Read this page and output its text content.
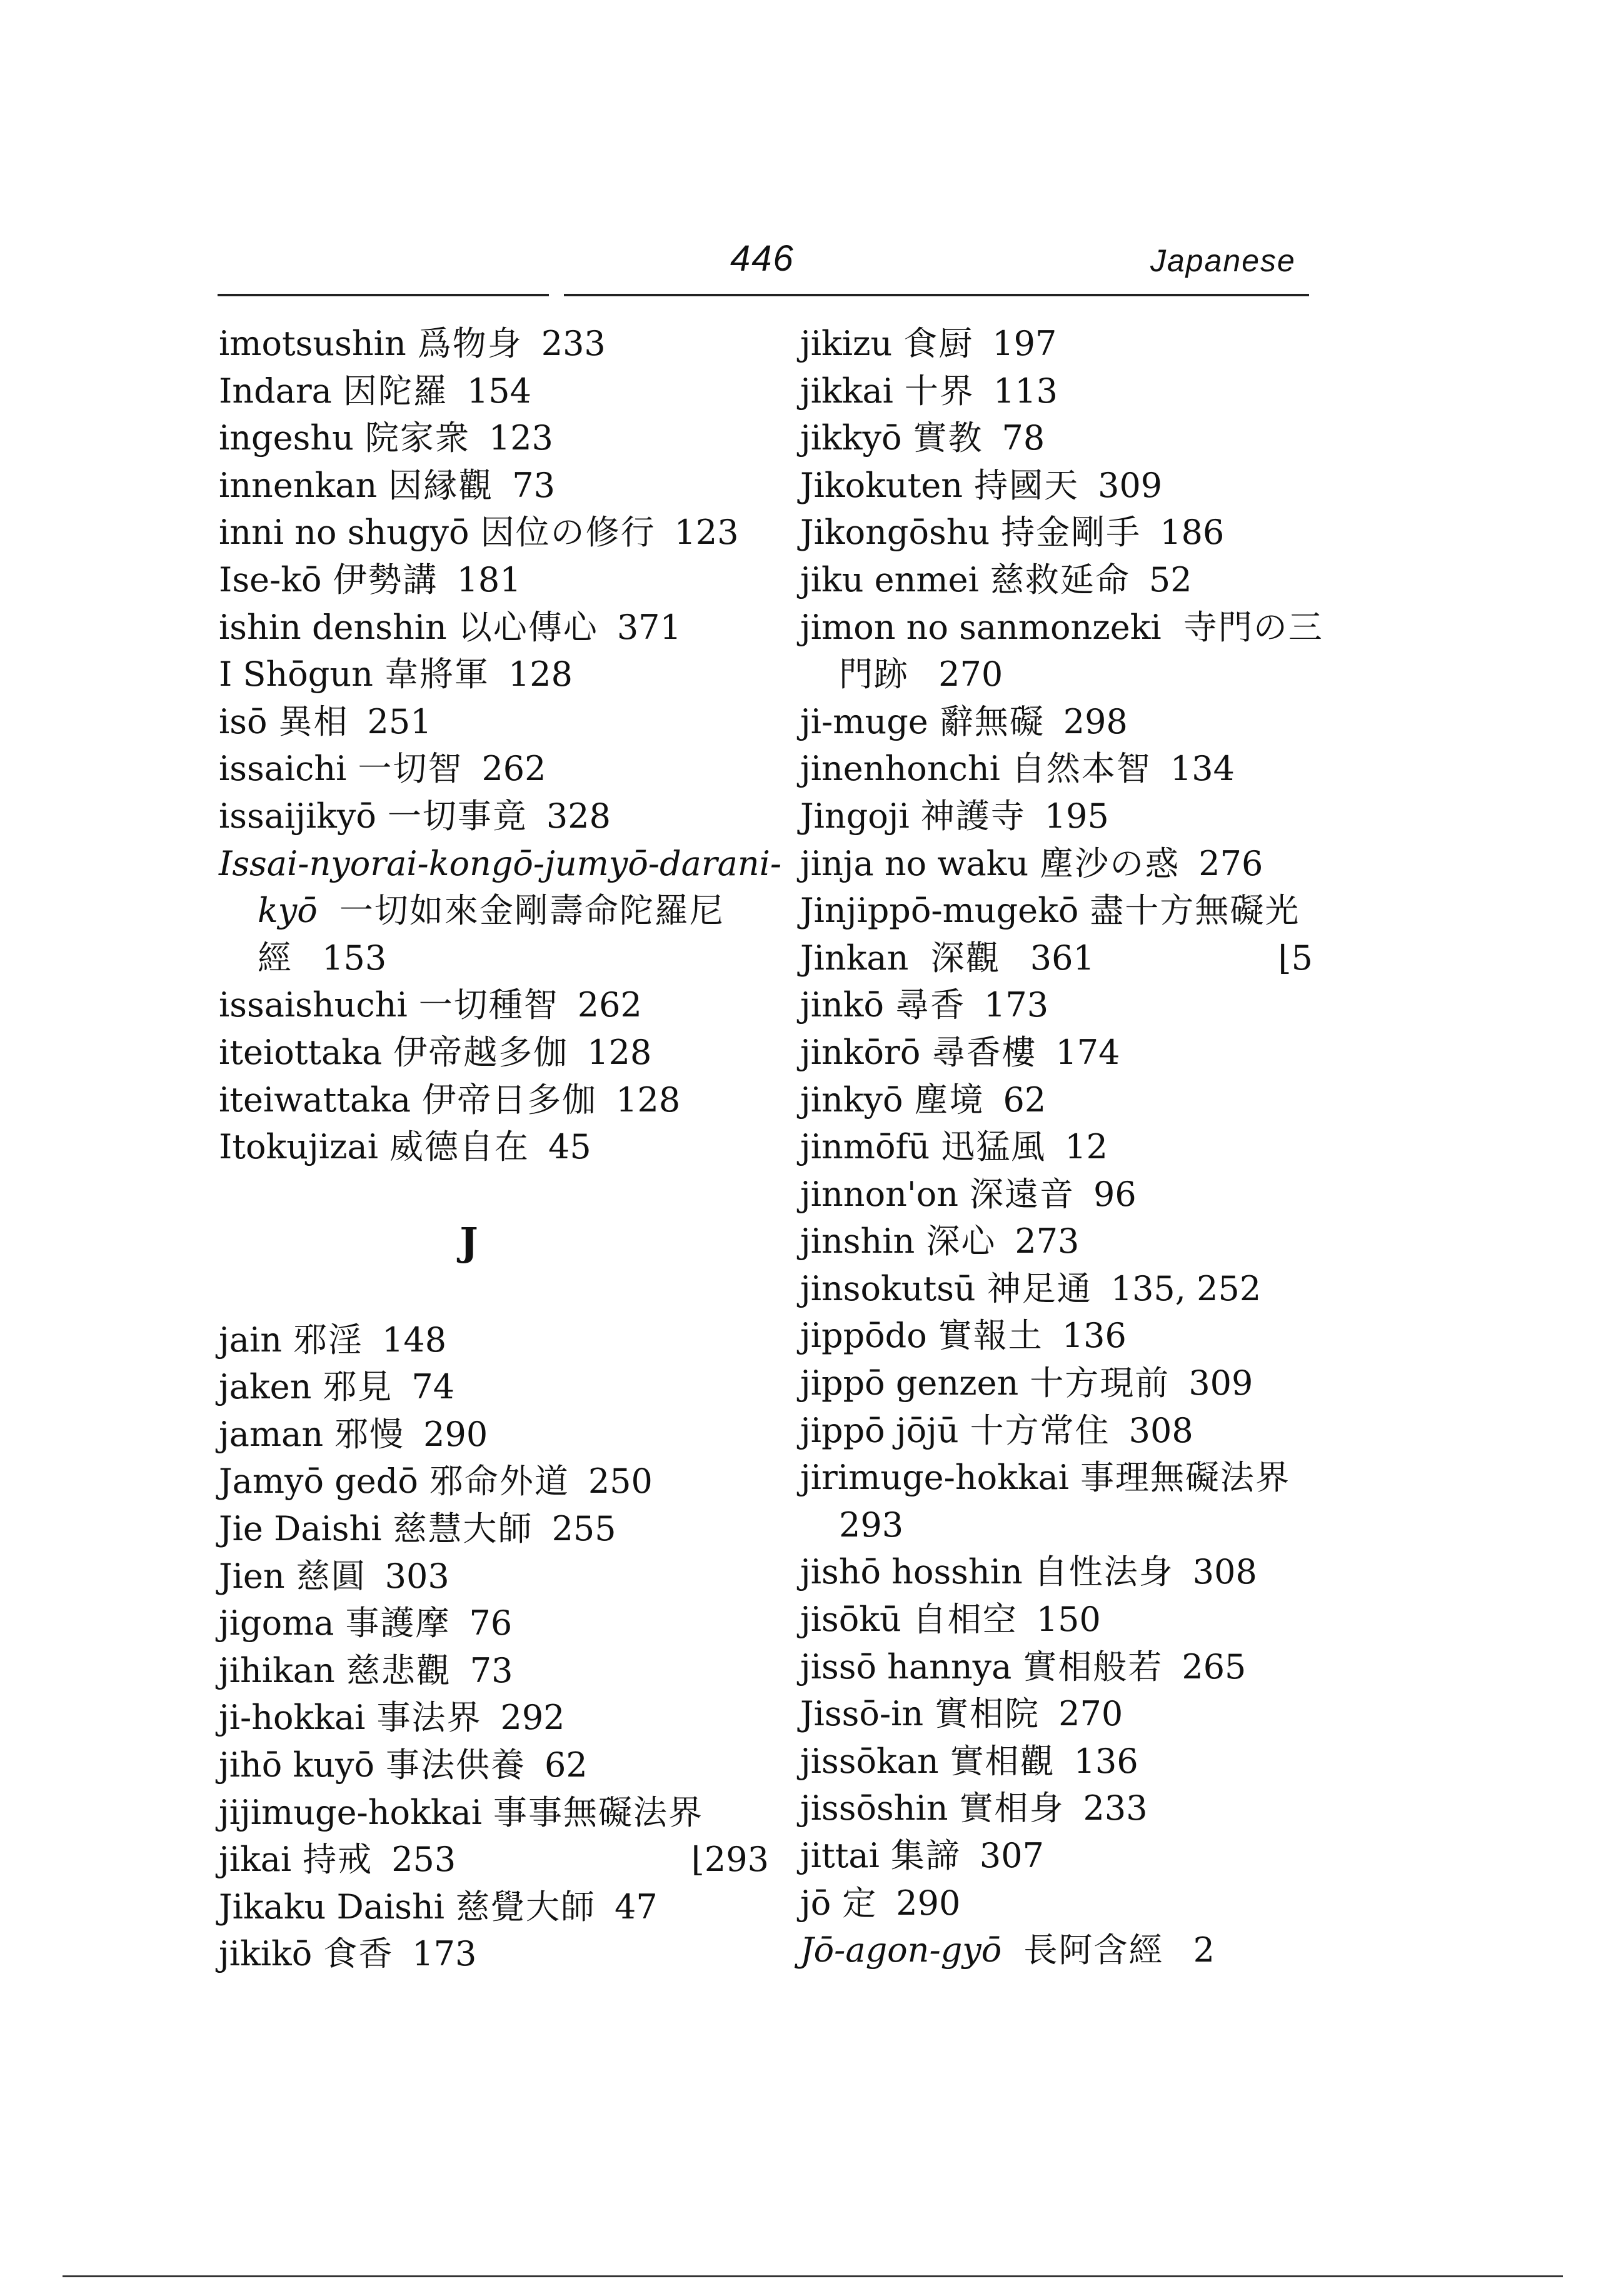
446	Japanese
imotsushin 爲物身 233
Indara 因陀羅 154
ingeshu 院家衆 123
innenkan 因縁觀 73
inni no shugyō 因位の修行 123
Ise-kō 伊勢講 181
ishin denshin 以心傳心 371
I Shōgun 韋將軍 128
isō 異相 251
issaichi 一切智 262
issaijikyō 一切事竟 328
Issai-nyorai-kongō-jumyō-darani-
kyō 一切如來金剛壽命陀羅尼
經 153
issaishuchi 一切種智 262
iteiottaka 伊帝越多伽 128
iteiwattaka 伊帝日多伽 128
Itokujizai 威德自在 45
J
jain 邪淫 148
jaken 邪見 74
jaman 邪慢 290
Jamyō gedō 邪命外道 250
Jie Daishi 慈慧大師 255
Jien 慈圓 303
jigoma 事護摩 76
jihikan 慈悲觀 73
ji-hokkai 事法界 292
jihō kuyō 事法供養 62
jijimuge-hokkai 事事無礙法界
jikai 持戒 253	⌊293
Jikaku Daishi 慈覺大師 47
jikikō 食香 173
jikizu 食厨 197
jikkai 十界 113
jikkyō 實教 78
Jikokuten 持國天 309
Jikongōshu 持金剛手 186
jiku enmei 慈救延命 52
jimon no sanmonzeki 寺門の三
門跡 270
ji-muge 辭無礙 298
jinenhonchi 自然本智 134
Jingoji 神護寺 195
jinja no waku 塵沙の惑 276
Jinjippō-mugekō 盡十方無礙光
Jinkan 深觀 361	⌊5
jinkō 尋香 173
jinkōrō 尋香樓 174
jinkyō 塵境 62
jinmōfū 迅猛風 12
jinnon'on 深遠音 96
jinshin 深心 273
jinsokutsū 神足通 135, 252
jippōdo 實報土 136
jippō genzen 十方現前 309
jippō jōjū 十方常住 308
jirimuge-hokkai 事理無礙法界
293
jishō hosshin 自性法身 308
jisōkū 自相空 150
jissō hannya 實相般若 265
Jissō-in 實相院 270
jissōkan 實相觀 136
jissōshin 實相身 233
jittai 集諦 307
jō 定 290
Jō-agon-gyō 長阿含經 2
